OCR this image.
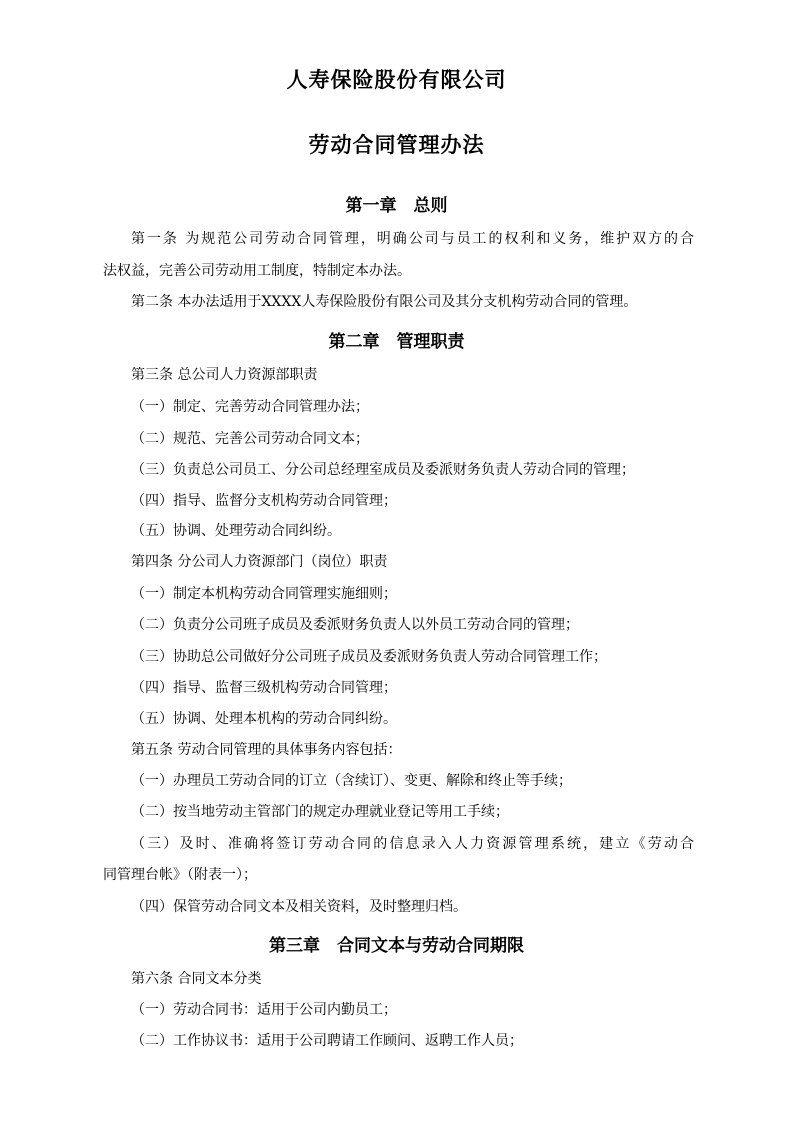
人寿保险股份有限公司
劳动合同管理办法
第一章　总则

第一条 为规范公司劳动合同管理，明确公司与员工的权利和义务，维护双方的合

法权益，完善公司劳动用工制度，特制定本办法。

第二条 本办法适用于XXXX人寿保险股份有限公司及其分支机构劳动合同的管理。

第二章　管理职责

第三条 总公司人力资源部职责

（一）制定、完善劳动合同管理办法；

（二）规范、完善公司劳动合同文本；

（三）负责总公司员工、分公司总经理室成员及委派财务负责人劳动合同的管理；

（四）指导、监督分支机构劳动合同管理；

（五）协调、处理劳动合同纠纷。

第四条 分公司人力资源部门（岗位）职责

（一）制定本机构劳动合同管理实施细则；

（二）负责分公司班子成员及委派财务负责人以外员工劳动合同的管理；

（三）协助总公司做好分公司班子成员及委派财务负责人劳动合同管理工作；

（四）指导、监督三级机构劳动合同管理；

（五）协调、处理本机构的劳动合同纠纷。

第五条 劳动合同管理的具体事务内容包括：

（一）办理员工劳动合同的订立（含续订）、变更、解除和终止等手续；

（二）按当地劳动主管部门的规定办理就业登记等用工手续；

（三）及时、准确将签订劳动合同的信息录入人力资源管理系统，建立《劳动合

同管理台帐》（附表一）；

（四）保管劳动合同文本及相关资料，及时整理归档。

第三章　合同文本与劳动合同期限

第六条 合同文本分类

（一）劳动合同书：适用于公司内勤员工；

（二）工作协议书：适用于公司聘请工作顾问、返聘工作人员；
